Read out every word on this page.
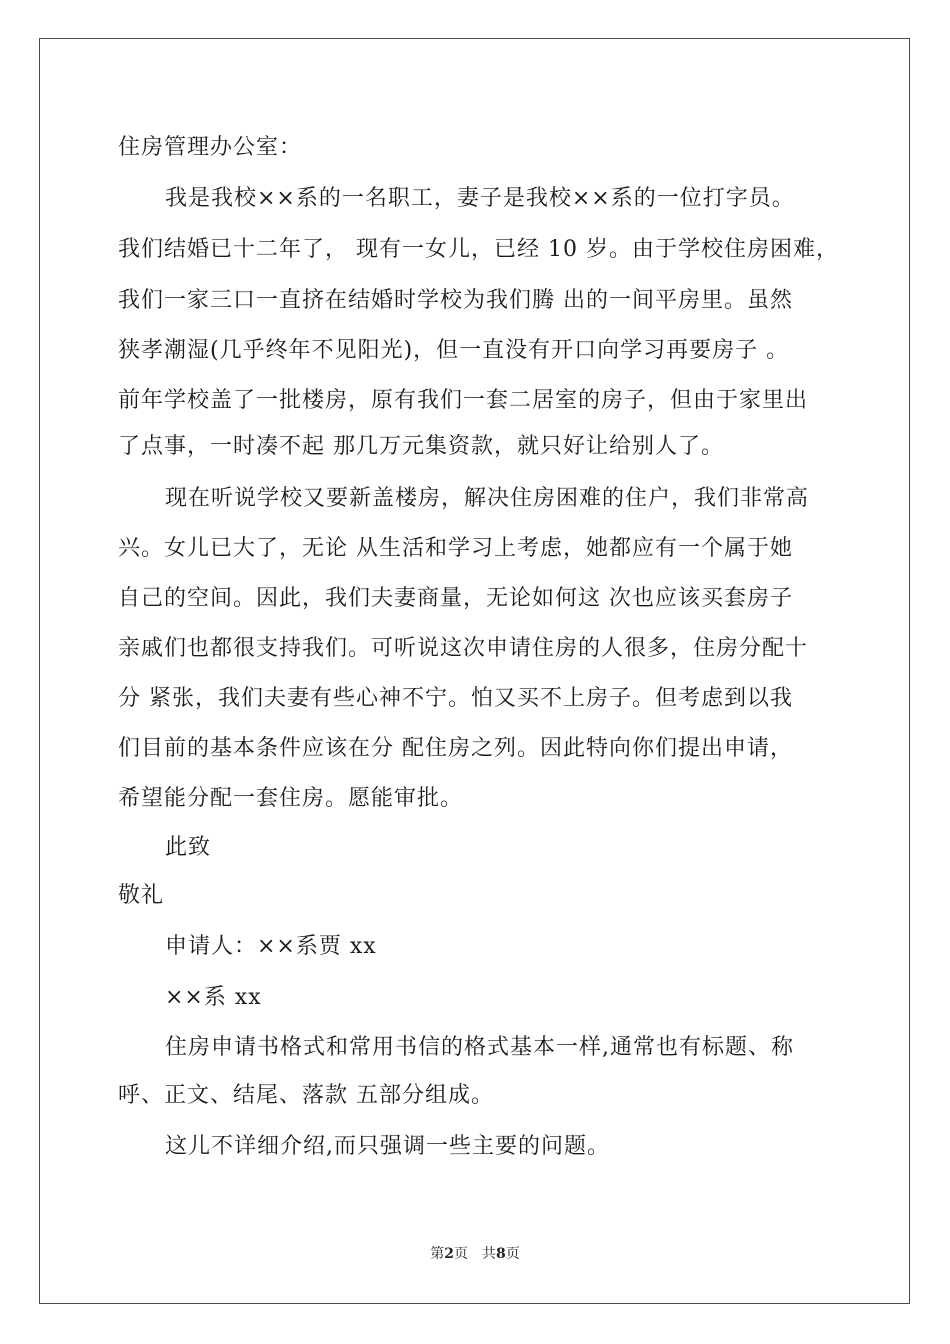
住房管理办公室：
我是我校××系的一名职工，妻子是我校××系的一位打字员。
我们结婚已十二年了， 现有一女儿，已经 10 岁。由于学校住房困难，
我们一家三口一直挤在结婚时学校为我们腾 出的一间平房里。虽然
狭孝潮湿(几乎终年不见阳光)，但一直没有开口向学习再要房子 。
前年学校盖了一批楼房，原有我们一套二居室的房子，但由于家里出
了点事，一时凑不起 那几万元集资款，就只好让给别人了。
现在听说学校又要新盖楼房，解决住房困难的住户，我们非常高
兴。女儿已大了，无论 从生活和学习上考虑，她都应有一个属于她
自己的空间。因此，我们夫妻商量，无论如何这 次也应该买套房子
亲戚们也都很支持我们。可听说这次申请住房的人很多，住房分配十
分 紧张，我们夫妻有些心神不宁。怕又买不上房子。但考虑到以我
们目前的基本条件应该在分 配住房之列。因此特向你们提出申请，
希望能分配一套住房。愿能审批。
此致
敬礼
申请人：××系贾 xx
××系 xx
住房申请书格式和常用书信的格式基本一样,通常也有标题、称
呼、正文、结尾、落款 五部分组成。
这儿不详细介绍,而只强调一些主要的问题。
第2页 共8页
